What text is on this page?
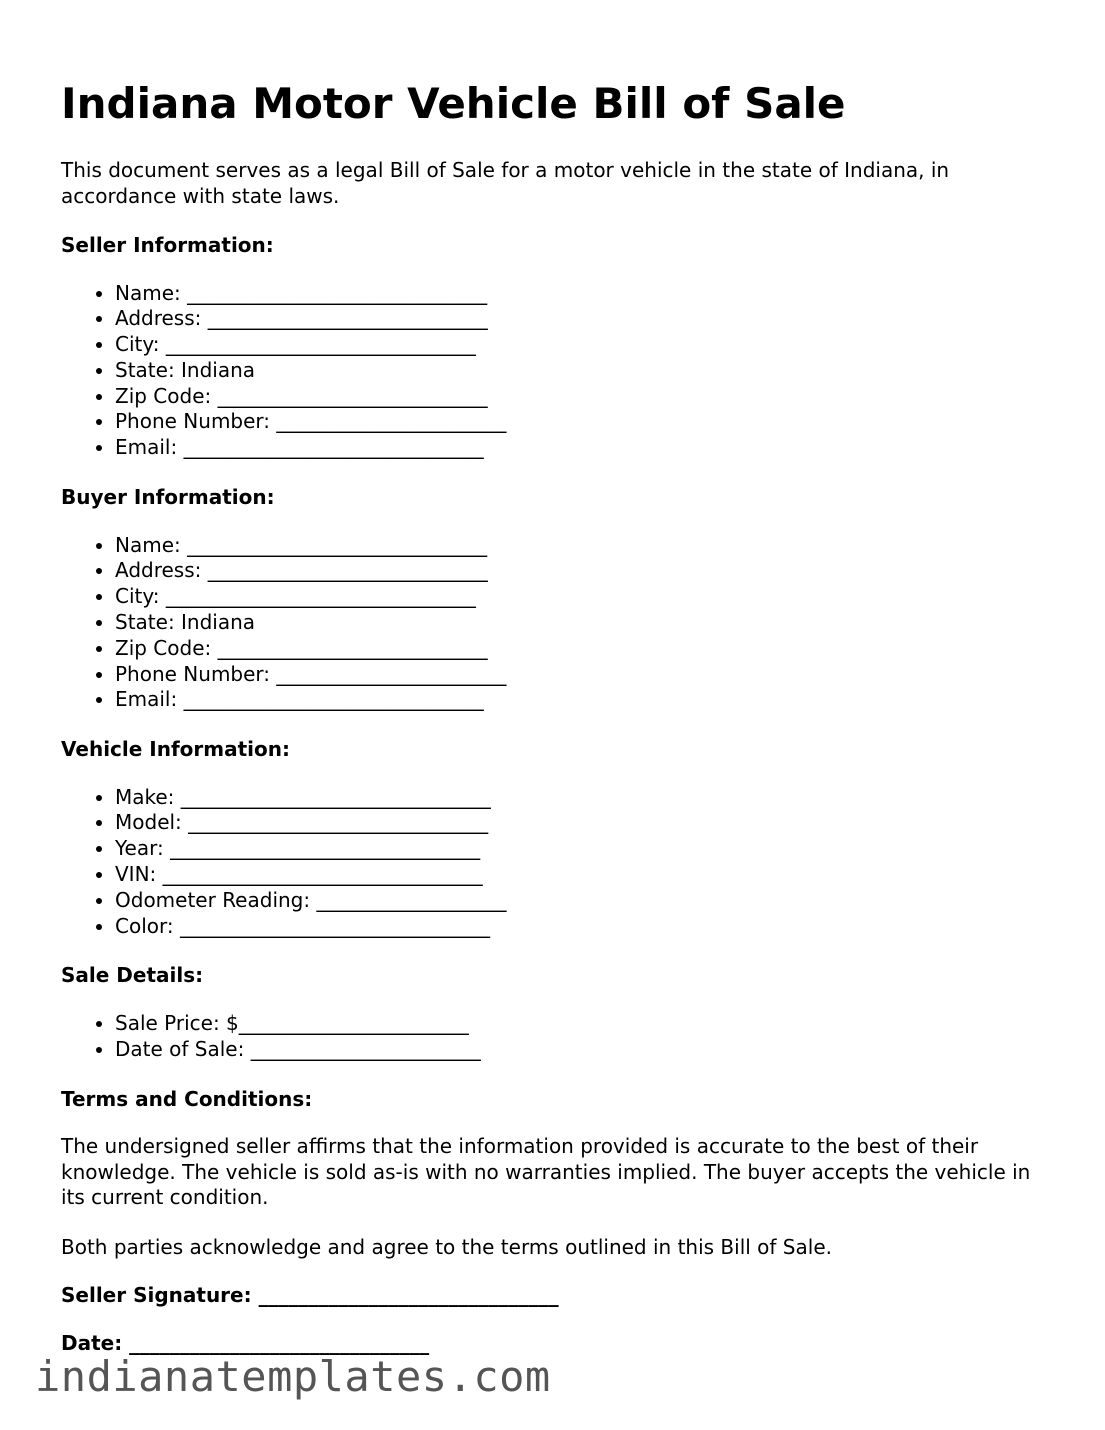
Indiana Motor Vehicle Bill of Sale

This document serves as a legal Bill of Sale for a motor vehicle in the state of Indiana, in accordance with state laws.

Seller Information:
• Name: ______________________________
• Address: ____________________________
• City: _______________________________
• State: Indiana
• Zip Code: ___________________________
• Phone Number: _______________________
• Email: ______________________________
Buyer Information:
• Name: ______________________________
• Address: ____________________________
• City: _______________________________
• State: Indiana
• Zip Code: ___________________________
• Phone Number: _______________________
• Email: ______________________________
Vehicle Information:
• Make: _______________________________
• Model: ______________________________
• Year: _______________________________
• VIN: ________________________________
• Odometer Reading: ___________________
• Color: _______________________________
Sale Details:
• Sale Price: $_______________________
• Date of Sale: _______________________
Terms and Conditions:

The undersigned seller affirms that the information provided is accurate to the best of their knowledge. The vehicle is sold as-is with no warranties implied. The buyer accepts the vehicle in its current condition.

Both parties acknowledge and agree to the terms outlined in this Bill of Sale.

Seller Signature: ______________________________
Date: ______________________________
indianatemplates.com
